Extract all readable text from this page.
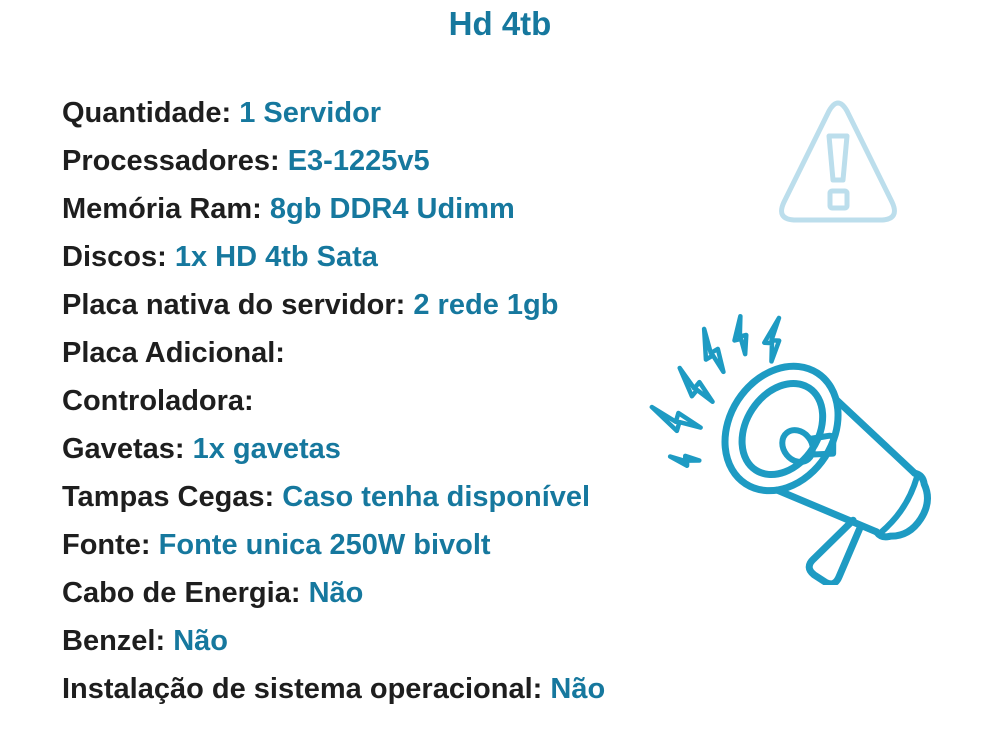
Hd 4tb
Quantidade: 1 Servidor
Processadores: E3-1225v5
Memória Ram: 8gb DDR4 Udimm
Discos: 1x HD 4tb Sata
Placa nativa do servidor: 2 rede 1gb
Placa Adicional:
Controladora:
Gavetas: 1x gavetas
Tampas Cegas: Caso tenha disponível
Fonte: Fonte unica 250W bivolt
Cabo de Energia: Não
Benzel: Não
Instalação de sistema operacional: Não
